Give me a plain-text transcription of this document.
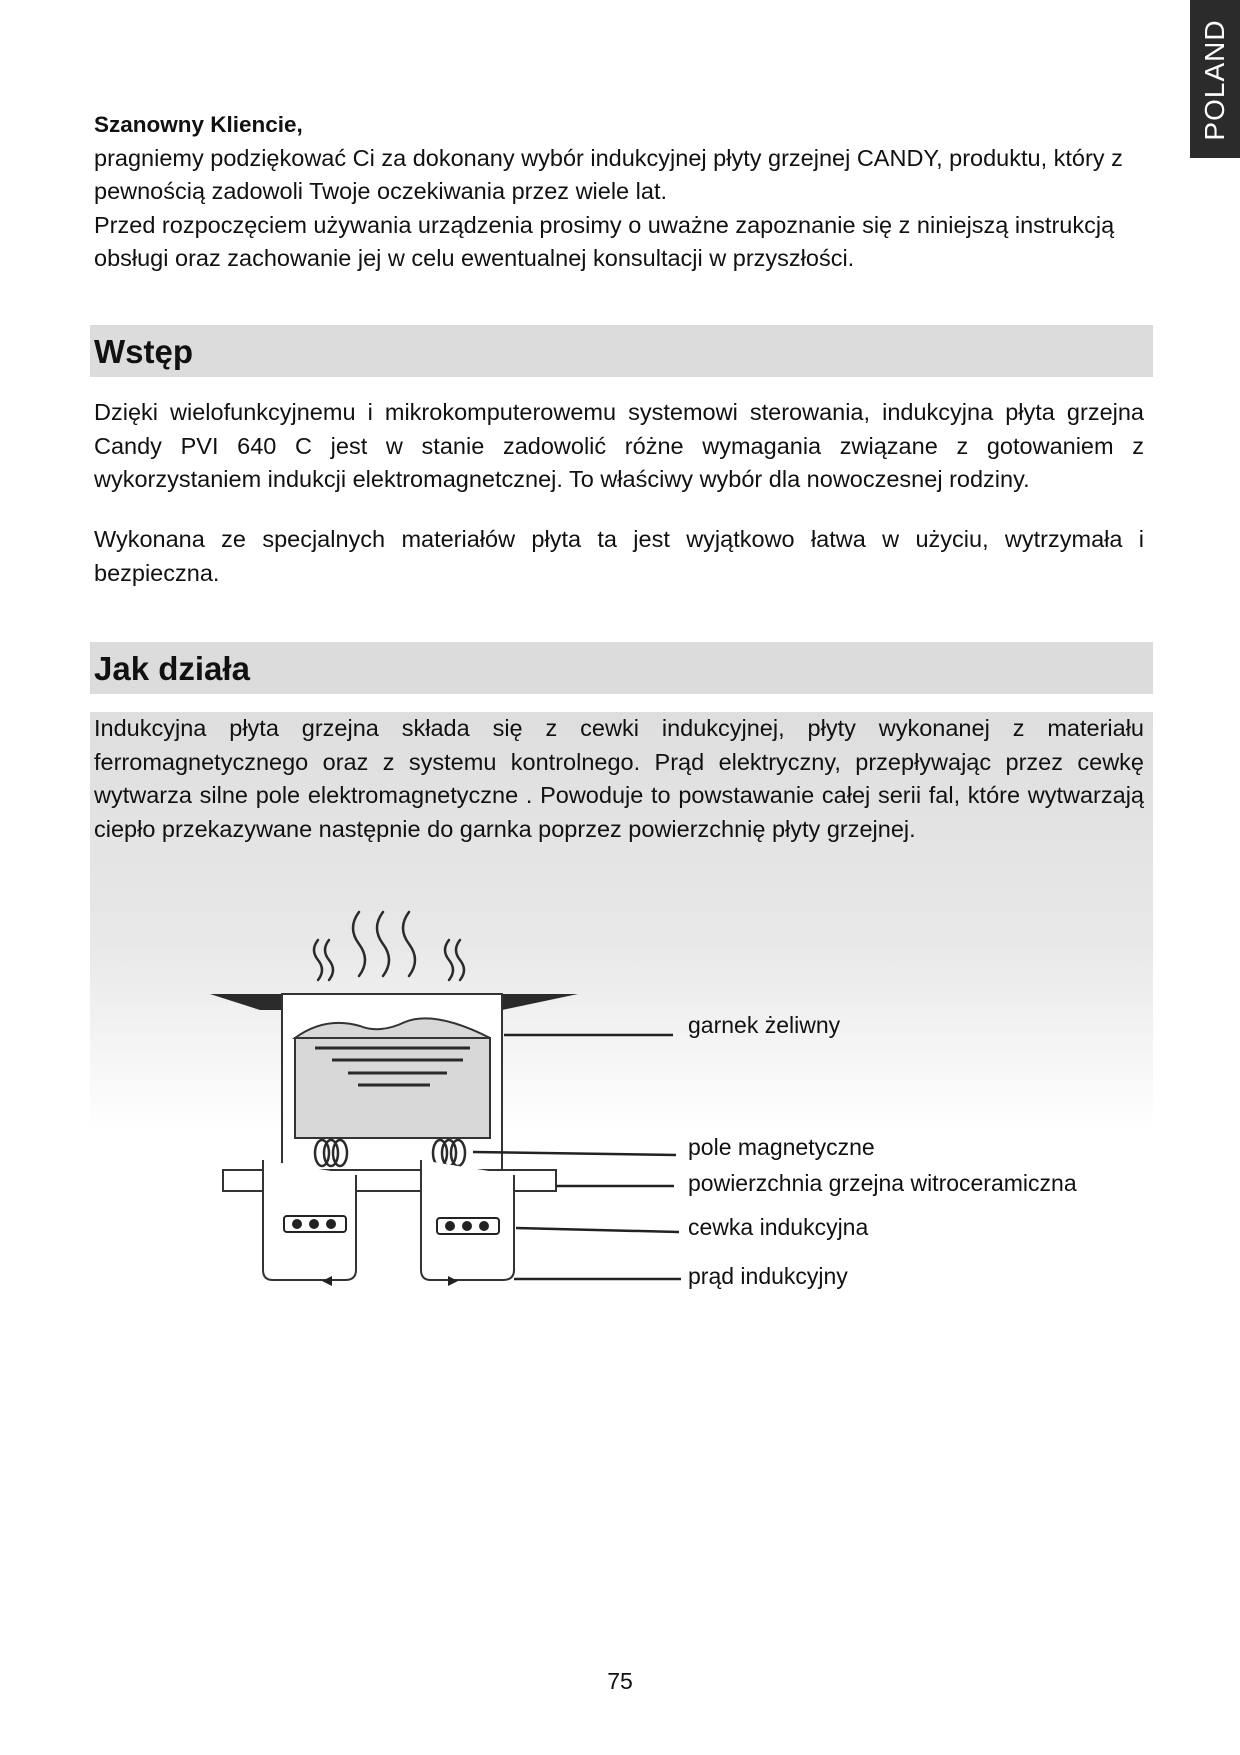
POLAND
Szanowny Kliencie,
pragniemy podziękować Ci za dokonany wybór indukcyjnej płyty grzejnej CANDY, produktu, który z pewnością zadowoli Twoje oczekiwania przez wiele lat.
Przed rozpoczęciem używania urządzenia prosimy o uważne zapoznanie się z niniejszą instrukcją obsługi oraz zachowanie jej w celu ewentualnej konsultacji w przyszłości.
Wstęp
Dzięki wielofunkcyjnemu i mikrokomputerowemu systemowi sterowania, indukcyjna płyta grzejna Candy PVI 640 C jest w stanie zadowolić różne wymagania związane z gotowaniem z wykorzystaniem indukcji elektromagnetcznej. To właściwy wybór dla nowoczesnej rodziny.
Wykonana ze specjalnych materiałów płyta ta jest wyjątkowo łatwa w użyciu, wytrzymała i bezpieczna.
Jak działa
Indukcyjna płyta grzejna składa się z cewki indukcyjnej, płyty wykonanej z materiału ferromagnetycznego oraz z systemu kontrolnego. Prąd elektryczny, przepływając przez cewkę wytwarza silne pole elektromagnetyczne . Powoduje to powstawanie całej serii fal, które wytwarzają ciepło przekazywane następnie do garnka poprzez powierzchnię płyty grzejnej.
garnek żeliwny
pole magnetyczne
powierzchnia grzejna witroceramiczna
cewka indukcyjna
prąd indukcyjny
75
